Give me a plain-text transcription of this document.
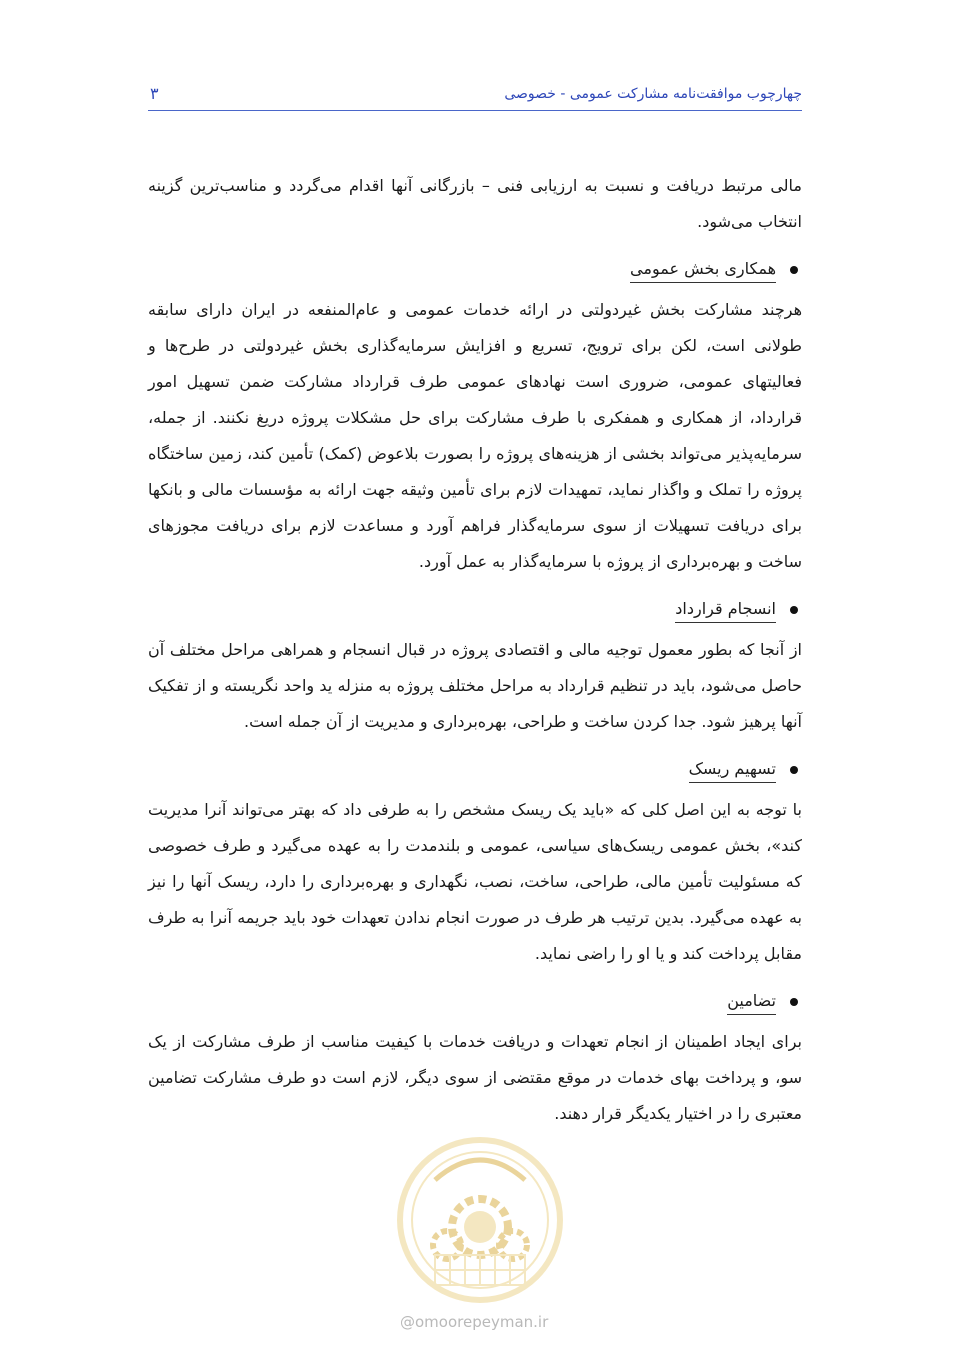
چهارچوب موافقت‌نامه مشارکت عمومی - خصوصی
۳

مالی مرتبط دریافت و نسبت به ارزیابی فنی – بازرگانی آنها اقدام می‌گردد و مناسب‌ترین گزینه انتخاب می‌شود.

همکاری بخش عمومی

هرچند مشارکت بخش غیردولتی در ارائه خدمات عمومی و عام‌المنفعه در ایران دارای سابقه طولانی است، لکن برای ترویج، تسریع و افزایش سرمایه‌گذاری بخش غیردولتی در طرح‌ها و فعالیتهای عمومی، ضروری است نهادهای عمومی طرف قرارداد مشارکت ضمن تسهیل امور قرارداد، از همکاری و همفکری با طرف مشارکت برای حل مشکلات پروژه دریغ نکنند. از جمله، سرمایه‌پذیر می‌تواند بخشی از هزینه‌های پروژه را بصورت بلاعوض (کمک) تأمین کند، زمین ساختگاه پروژه را تملک و واگذار نماید، تمهیدات لازم برای تأمین وثیقه جهت ارائه به مؤسسات مالی و بانکها برای دریافت تسهیلات از سوی سرمایه‌گذار فراهم آورد و مساعدت لازم برای دریافت مجوزهای ساخت و بهره‌برداری از پروژه با سرمایه‌گذار به عمل آورد.

انسجام قرارداد

از آنجا که بطور معمول توجیه مالی و اقتصادی پروژه در قبال انسجام و همراهی مراحل مختلف آن حاصل می‌شود، باید در تنظیم قرارداد به مراحل مختلف پروژه به منزله ید واحد نگریسته و از تفکیک آنها پرهیز شود. جدا کردن ساخت و طراحی، بهره‌برداری و مدیریت از آن جمله است.

تسهیم ریسک

با توجه به این اصل کلی که «باید یک ریسک مشخص را به طرفی داد که بهتر می‌تواند آنرا مدیریت کند»، بخش عمومی ریسک‌های سیاسی، عمومی و بلندمدت را به عهده می‌گیرد و طرف خصوصی که مسئولیت تأمین مالی، طراحی، ساخت، نصب، نگهداری و بهره‌برداری را دارد، ریسک آنها را نیز به عهده می‌گیرد. بدین ترتیب هر طرف در صورت انجام ندادن تعهدات خود باید جریمه آنرا به طرف مقابل پرداخت کند و یا او را راضی نماید.

تضامین

برای ایجاد اطمینان از انجام تعهدات و دریافت خدمات با کیفیت مناسب از طرف مشارکت از یک سو، و پرداخت بهای خدمات در موقع مقتضی از سوی دیگر، لازم است دو طرف مشارکت تضامین معتبری را در اختیار یکدیگر قرار دهند.

@omoorepeyman.ir
